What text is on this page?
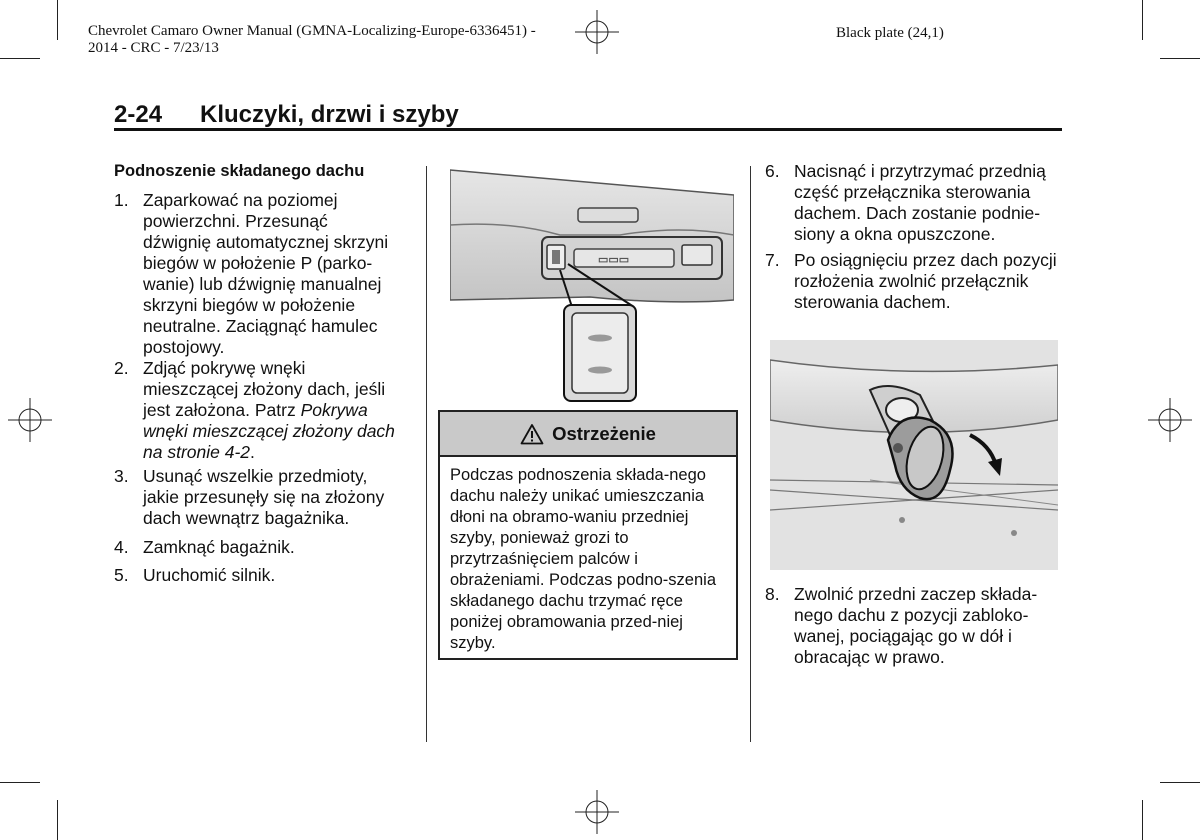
Chevrolet Camaro Owner Manual (GMNA-Localizing-Europe-6336451) -
2014 - CRC - 7/23/13
Black plate (24,1)
2-24 Kluczyki, drzwi i szyby
Podnoszenie składanego dachu
1. Zaparkować na poziomej powierzchni. Przesunąć dźwignię automatycznej skrzyni biegów w położenie P (parko-wanie) lub dźwignię manualnej skrzyni biegów w położenie neutralne. Zaciągnąć hamulec postojowy.
2. Zdjąć pokrywę wnęki mieszczącej złożony dach, jeśli jest założona. Patrz Pokrywa wnęki mieszczącej złożony dach na stronie 4-2.
3. Usunąć wszelkie przedmioty, jakie przesunęły się na złożony dach wewnątrz bagażnika.
4. Zamknąć bagażnik.
5. Uruchomić silnik.
▭▭▭
Ostrzeżenie
Podczas podnoszenia składa-nego dachu należy unikać umieszczania dłoni na obramo-waniu przedniej szyby, ponieważ grozi to przytrzaśnięciem palców i obrażeniami. Podczas podno-szenia składanego dachu trzymać ręce poniżej obramowania przed-niej szyby.
6. Nacisnąć i przytrzymać przednią część przełącznika sterowania dachem. Dach zostanie podnie-siony a okna opuszczone.
7. Po osiągnięciu przez dach pozycji rozłożenia zwolnić przełącznik sterowania dachem.
8. Zwolnić przedni zaczep składa-nego dachu z pozycji zablоko-wanej, pociągając go w dół i obracając w prawo.
